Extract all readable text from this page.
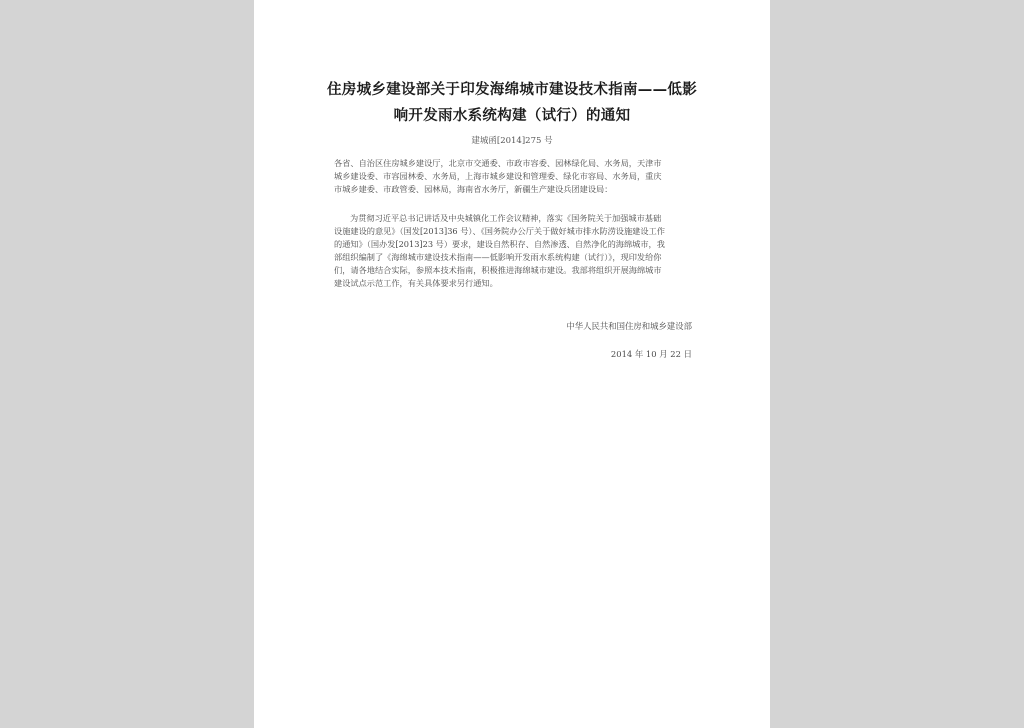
住房城乡建设部关于印发海绵城市建设技术指南——低影
响开发雨水系统构建（试行）的通知
建城函[2014]275 号
各省、自治区住房城乡建设厅，北京市交通委、市政市容委、园林绿化局、水务局，天津市
城乡建设委、市容园林委、水务局，上海市城乡建设和管理委、绿化市容局、水务局，重庆
市城乡建委、市政管委、园林局，海南省水务厅，新疆生产建设兵团建设局：
为贯彻习近平总书记讲话及中央城镇化工作会议精神，落实《国务院关于加强城市基础
设施建设的意见》（国发[2013]36 号）、《国务院办公厅关于做好城市排水防涝设施建设工作
的通知》（国办发[2013]23 号）要求，建设自然积存、自然渗透、自然净化的海绵城市，我
部组织编制了《海绵城市建设技术指南——低影响开发雨水系统构建（试行）》，现印发给你
们，请各地结合实际，参照本技术指南，积极推进海绵城市建设。我部将组织开展海绵城市
建设试点示范工作，有关具体要求另行通知。
中华人民共和国住房和城乡建设部
2014 年 10 月 22 日
